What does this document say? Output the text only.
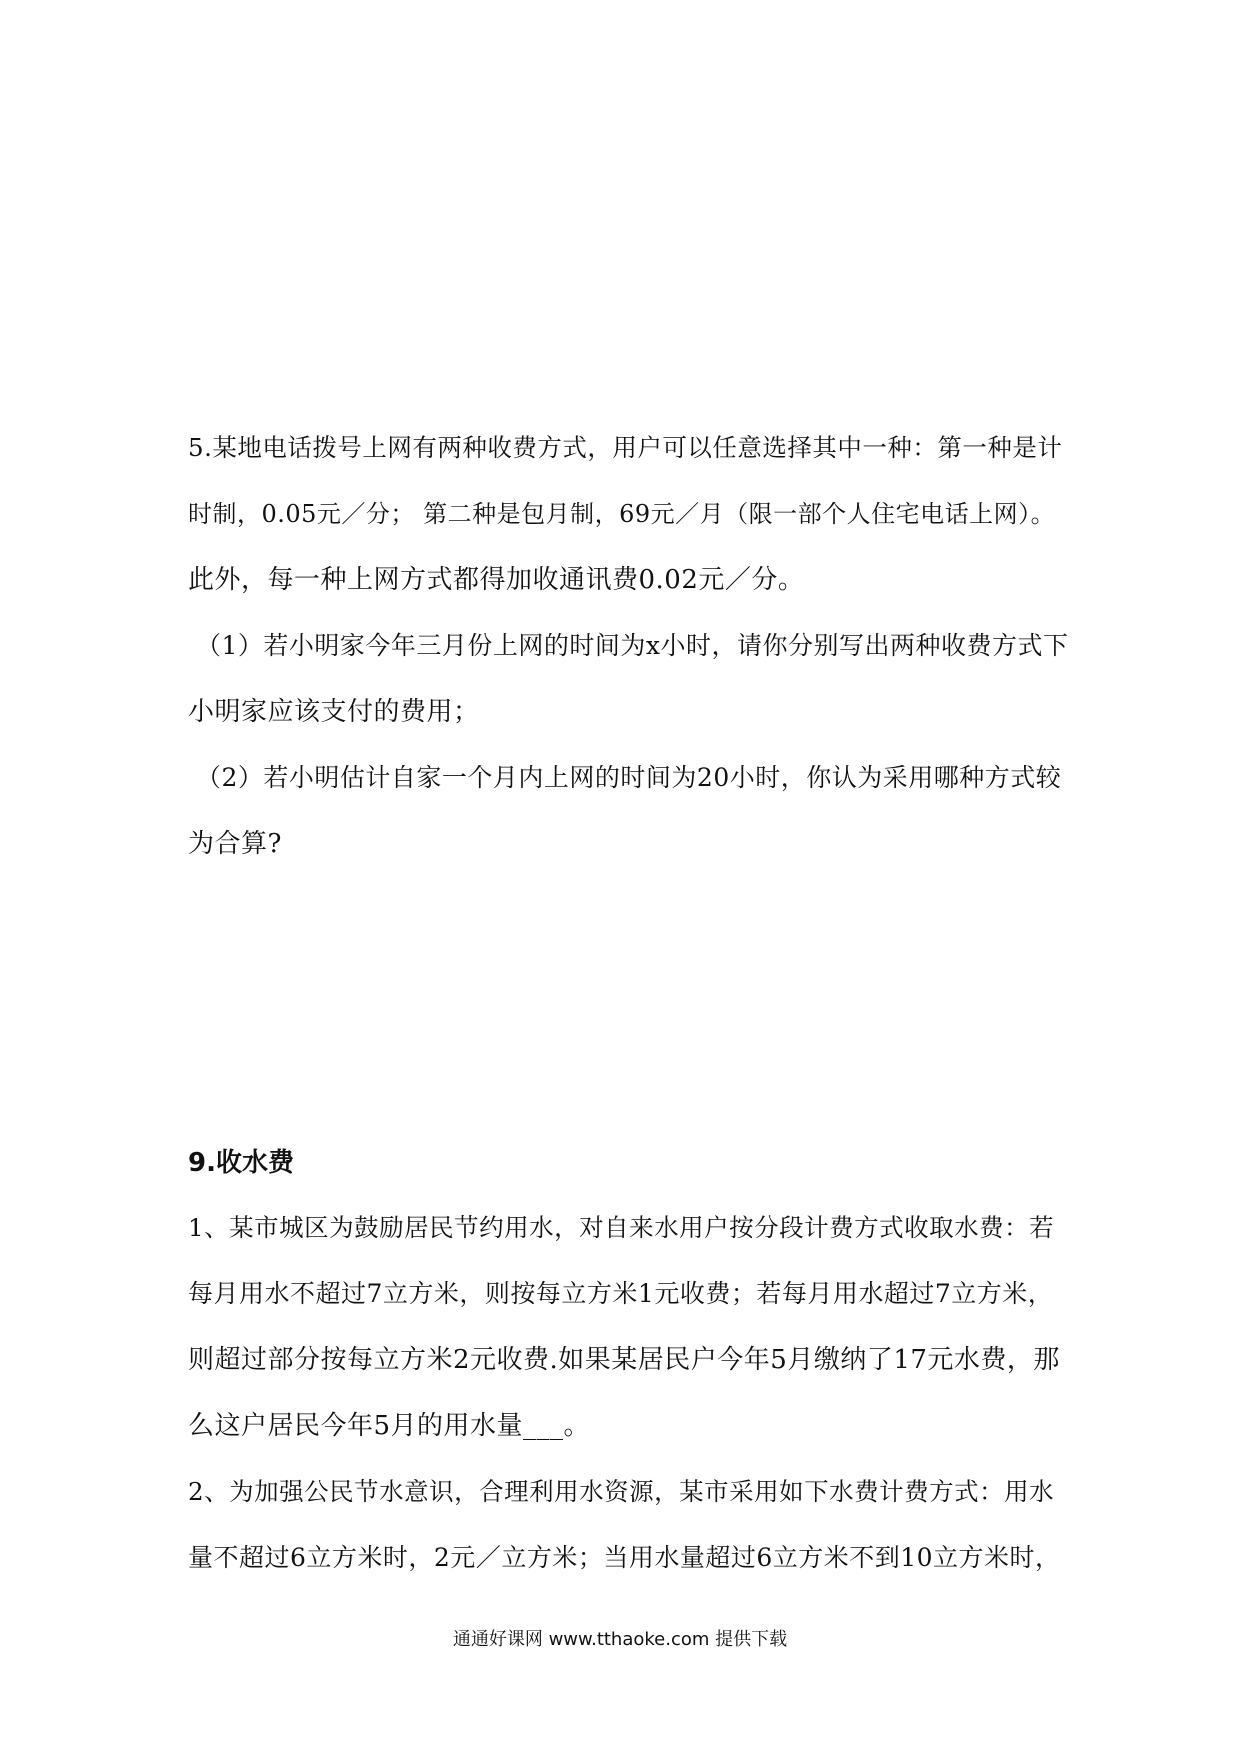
5.某地电话拨号上网有两种收费方式，用户可以任意选择其中一种：第一种是计
时制，0.05元／分； 第二种是包月制，69元／月（限一部个人住宅电话上网）。
此外，每一种上网方式都得加收通讯费0.02元／分。
（1）若小明家今年三月份上网的时间为x小时，请你分别写出两种收费方式下
小明家应该支付的费用；
（2）若小明估计自家一个月内上网的时间为20小时，你认为采用哪种方式较
为合算?
9.收水费
1、某市城区为鼓励居民节约用水，对自来水用户按分段计费方式收取水费：若
每月用水不超过7立方米，则按每立方米1元收费；若每月用水超过7立方米，
则超过部分按每立方米2元收费.如果某居民户今年5月缴纳了17元水费，那
么这户居民今年5月的用水量___。
2、为加强公民节水意识，合理利用水资源，某市采用如下水费计费方式：用水
量不超过6立方米时，2元／立方米；当用水量超过6立方米不到10立方米时，
通通好课网 www.tthaoke.com 提供下载
